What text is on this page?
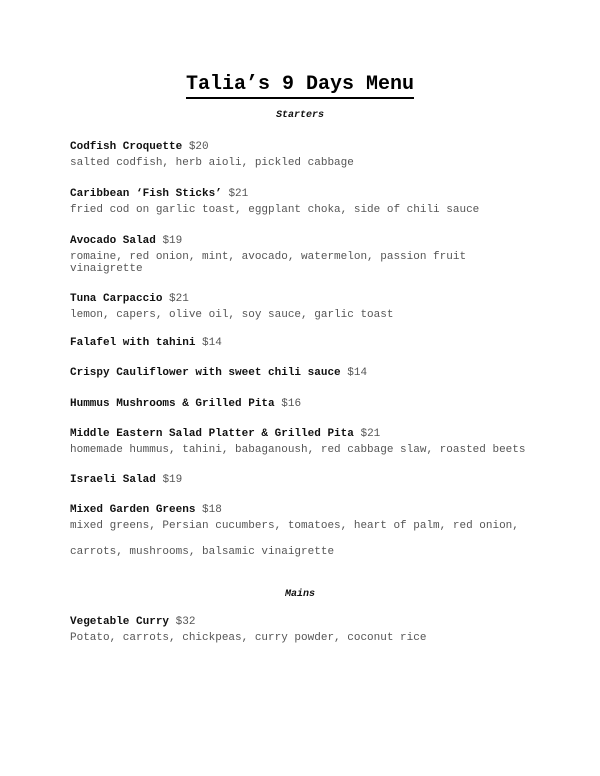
Talia’s 9 Days Menu
Starters
Codfish Croquette $20
salted codfish, herb aioli, pickled cabbage
Caribbean ‘Fish Sticks’ $21
fried cod on garlic toast, eggplant choka, side of chili sauce
Avocado Salad $19
romaine, red onion, mint, avocado, watermelon, passion fruit vinaigrette
Tuna Carpaccio $21
lemon, capers, olive oil, soy sauce, garlic toast
Falafel with tahini $14
Crispy Cauliflower with sweet chili sauce $14
Hummus Mushrooms & Grilled Pita $16
Middle Eastern Salad Platter & Grilled Pita $21
homemade hummus, tahini, babaganoush, red cabbage slaw, roasted beets
Israeli Salad $19
Mixed Garden Greens $18
mixed greens, Persian cucumbers, tomatoes, heart of palm, red onion,
carrots, mushrooms, balsamic vinaigrette
Mains
Vegetable Curry $32
Potato, carrots, chickpeas, curry powder, coconut rice
